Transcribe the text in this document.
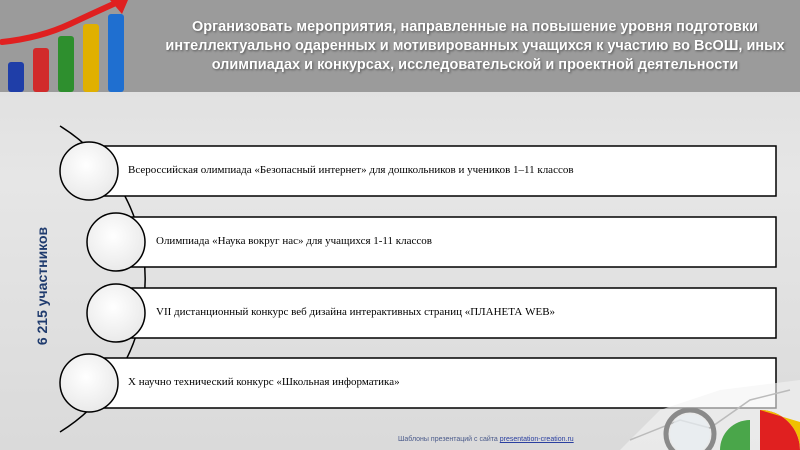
Организовать мероприятия, направленные на повышение уровня подготовки интеллектуально одаренных и мотивированных учащихся к участию во ВсОШ, иных олимпиадах и конкурсах, исследовательской и проектной деятельности
6 215 участников
Всероссийская олимпиада «Безопасный интернет» для дошкольников и учеников 1–11 классов
Олимпиада «Наука вокруг нас» для учащихся 1-11 классов
VII дистанционный конкурс веб дизайна интерактивных страниц «ПЛАНЕТА WEB»
X научно технический конкурс «Школьная информатика»
Шаблоны презентаций с сайта presentation-creation.ru
